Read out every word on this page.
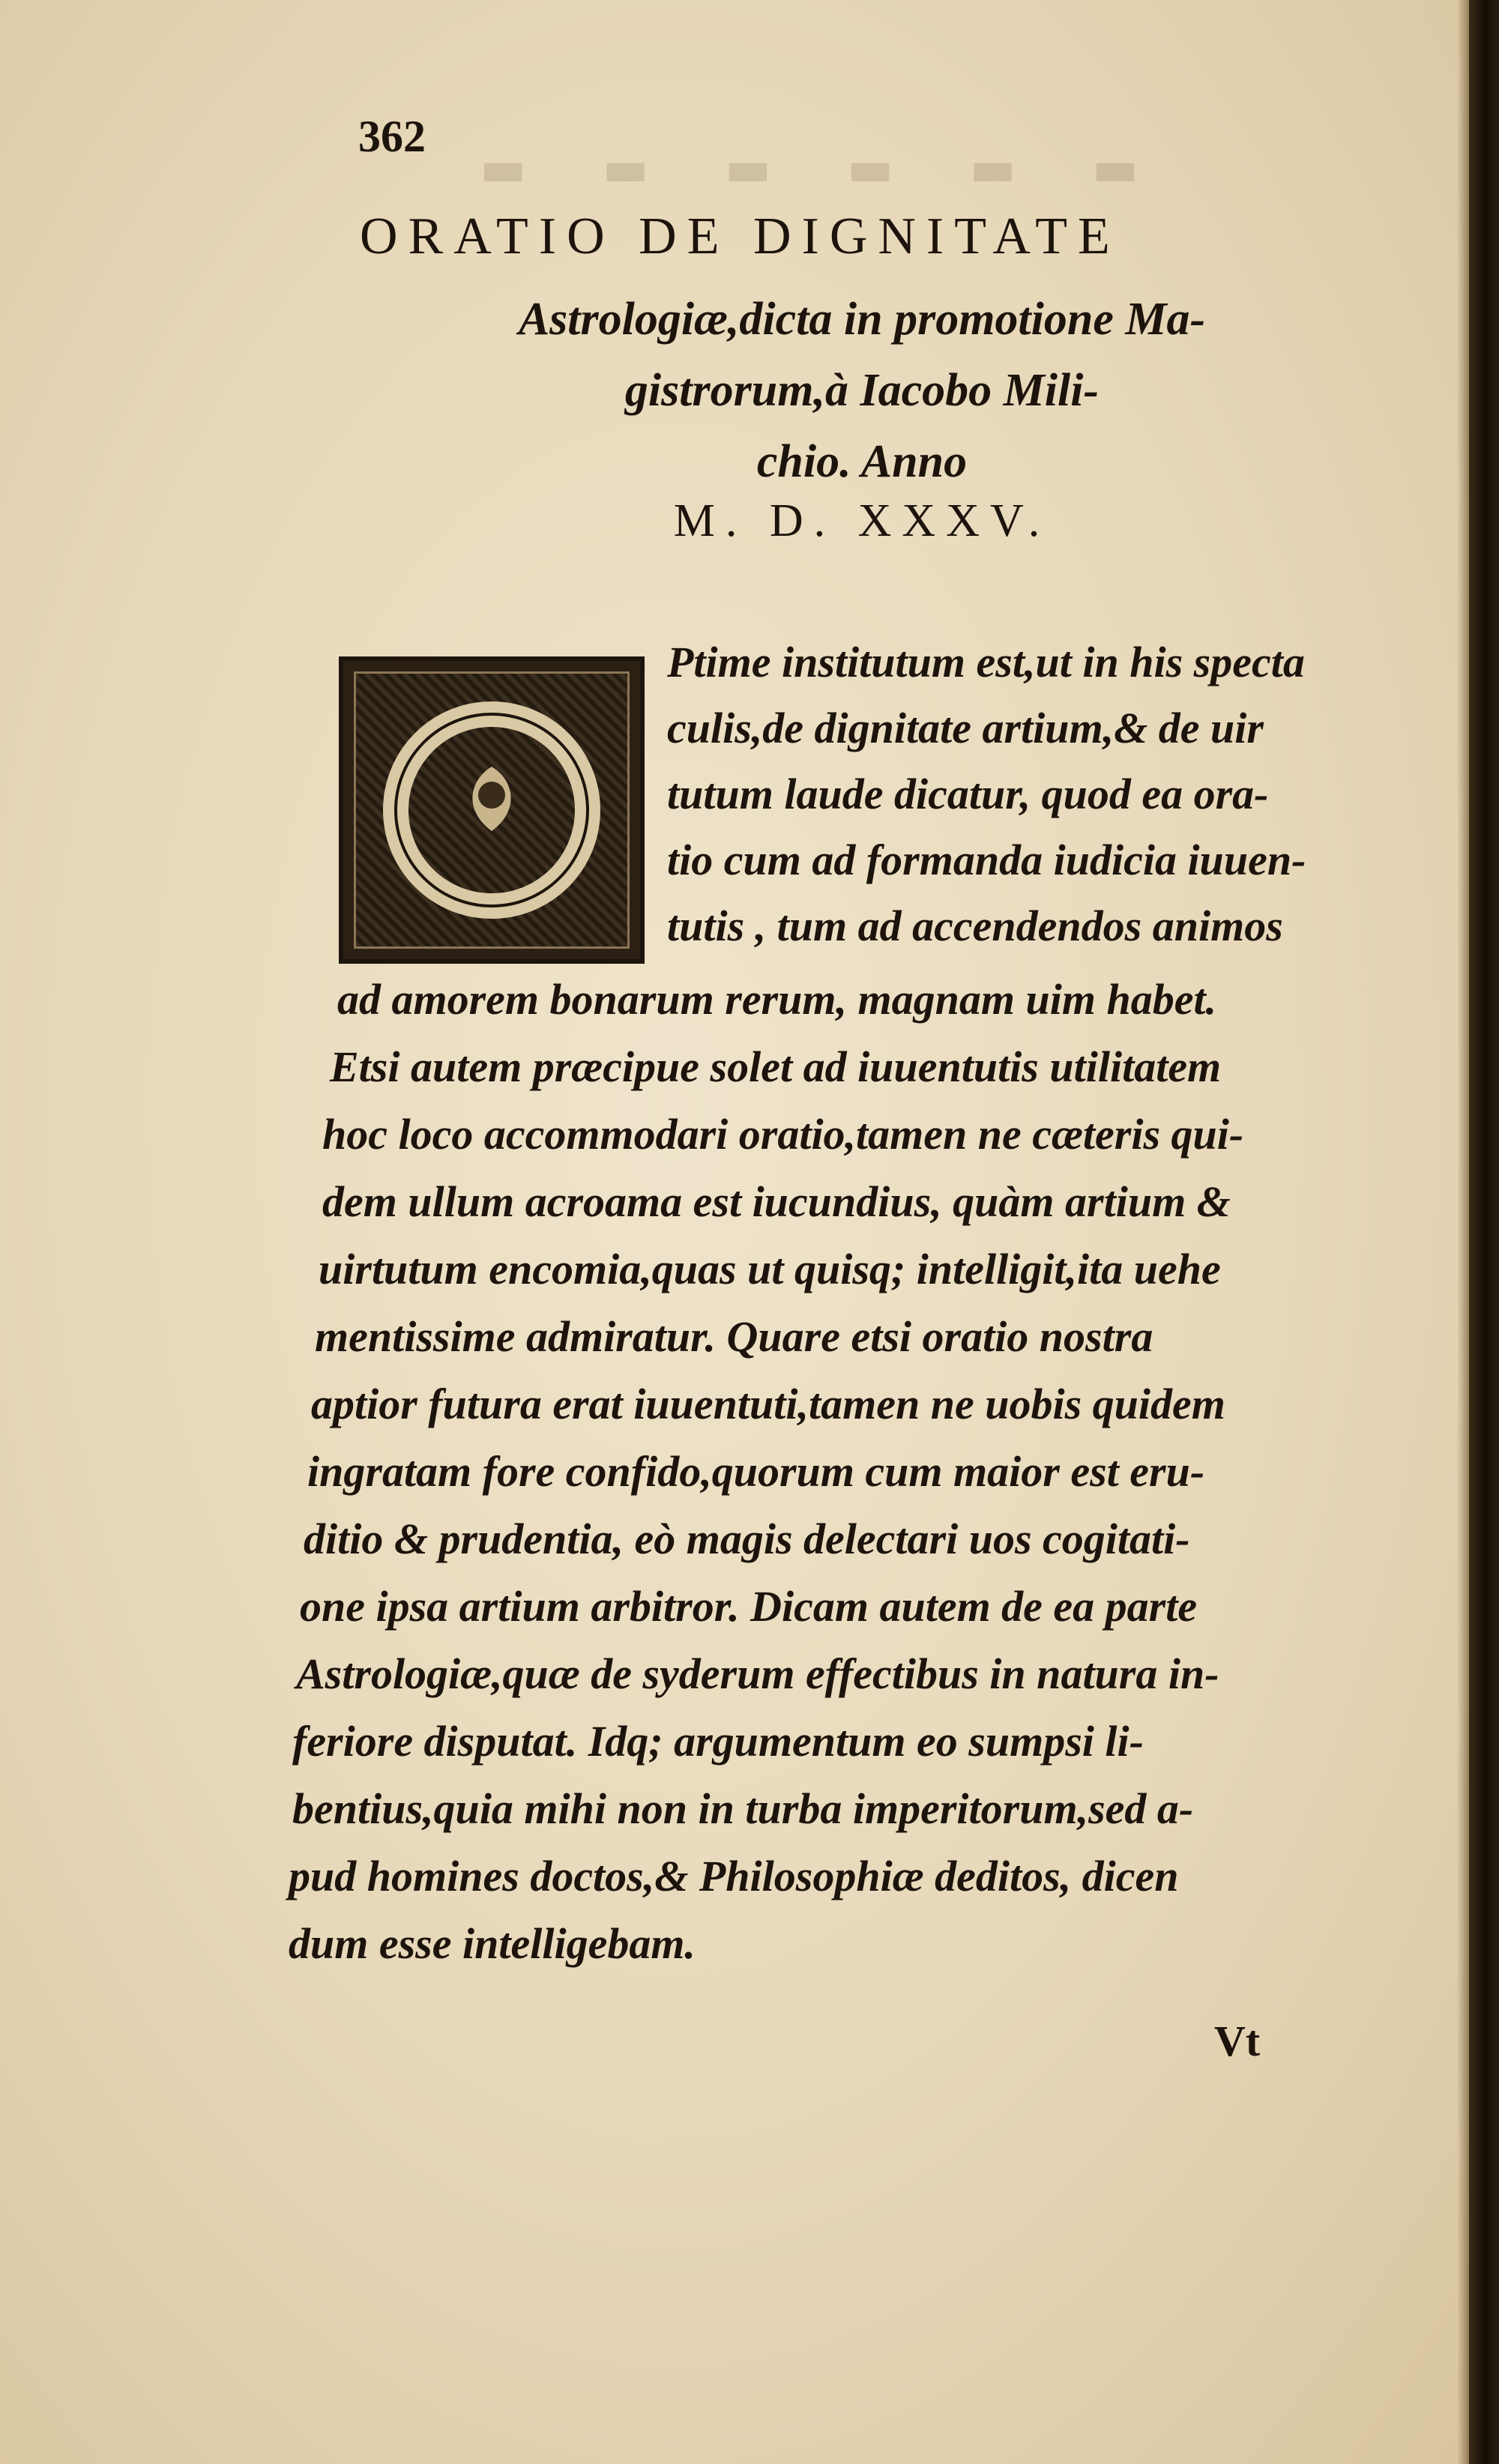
▬ ▬ ▬ ▬ ▬ ▬
362
ORATIO DE DIGNITATE
Astrologiæ,dicta in promotione Ma-
gistrorum,à Iacobo Mili-
chio. Anno
M. D. XXXV.
Ptime institutum est,ut in his specta
culis,de dignitate artium,& de uir
tutum laude dicatur, quod ea ora-
tio cum ad formanda iudicia iuuen-
tutis , tum ad accendendos animos
ad amorem bonarum rerum, magnam uim habet.
Etsi autem præcipue solet ad iuuentutis utilitatem
hoc loco accommodari oratio,tamen ne cæteris qui-
dem ullum acroama est iucundius, quàm artium &
uirtutum encomia,quas ut quisq; intelligit,ita uehe
mentissime admiratur. Quare etsi oratio nostra
aptior futura erat iuuentuti,tamen ne uobis quidem
ingratam fore confido,quorum cum maior est eru-
ditio & prudentia, eò magis delectari uos cogitati-
one ipsa artium arbitror. Dicam autem de ea parte
Astrologiæ,quæ de syderum effectibus in natura in-
feriore disputat. Idq; argumentum eo sumpsi li-
bentius,quia mihi non in turba imperitorum,sed a-
pud homines doctos,& Philosophiæ deditos, dicen
dum esse intelligebam.
Vt
